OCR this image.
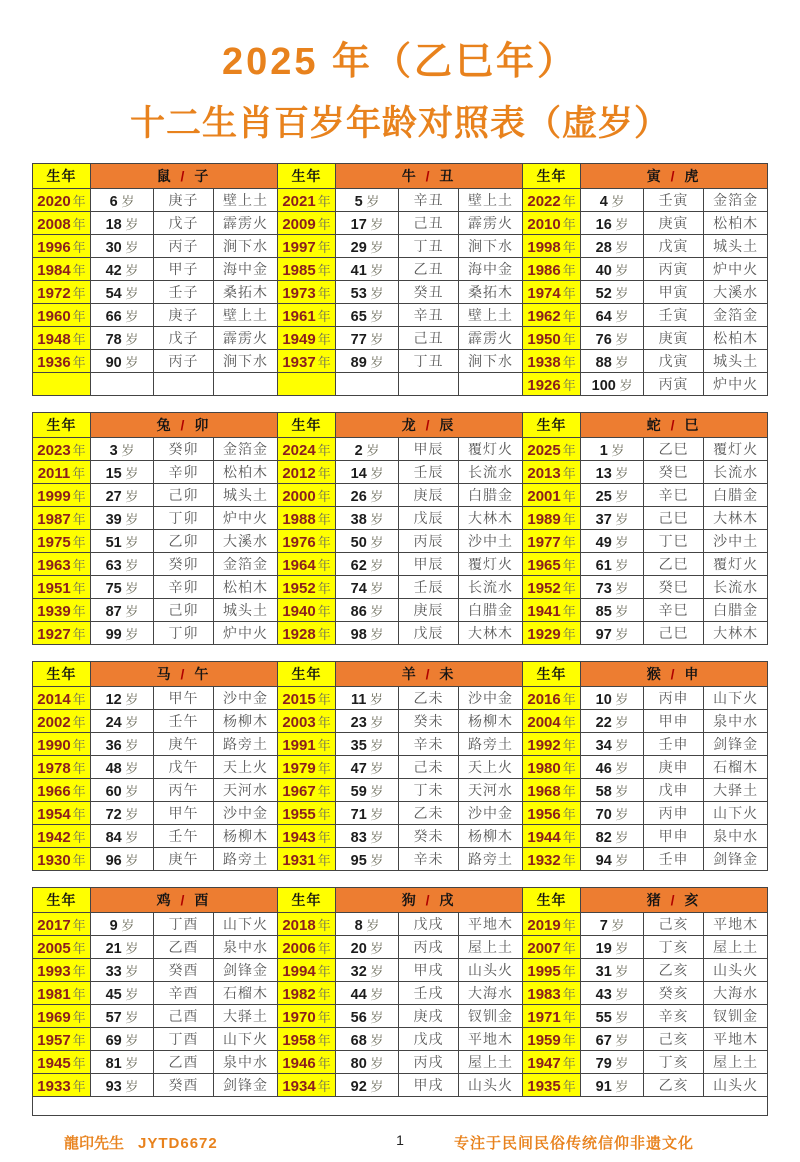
2025 年（乙巳年）
十二生肖百岁年龄对照表（虚岁）
生年	鼠 / 子			生年	牛 / 丑			生年	寅 / 虎		
2020 年	6 岁	庚子	壁上土	2021 年	5 岁	辛丑	壁上土	2022 年	4 岁	壬寅	金箔金
2008 年	18 岁	戊子	霹雳火	2009 年	17 岁	己丑	霹雳火	2010 年	16 岁	庚寅	松柏木
1996 年	30 岁	丙子	涧下水	1997 年	29 岁	丁丑	涧下水	1998 年	28 岁	戊寅	城头土
1984 年	42 岁	甲子	海中金	1985 年	41 岁	乙丑	海中金	1986 年	40 岁	丙寅	炉中火
1972 年	54 岁	壬子	桑拓木	1973 年	53 岁	癸丑	桑拓木	1974 年	52 岁	甲寅	大溪水
1960 年	66 岁	庚子	壁上土	1961 年	65 岁	辛丑	壁上土	1962 年	64 岁	壬寅	金箔金
1948 年	78 岁	戊子	霹雳火	1949 年	77 岁	己丑	霹雳火	1950 年	76 岁	庚寅	松柏木
1936 年	90 岁	丙子	涧下水	1937 年	89 岁	丁丑	涧下水	1938 年	88 岁	戊寅	城头土
								1926 年	100 岁	丙寅	炉中火
生年	兔 / 卯			生年	龙 / 辰			生年	蛇 / 巳		
2023 年	3 岁	癸卯	金箔金	2024 年	2 岁	甲辰	覆灯火	2025 年	1 岁	乙巳	覆灯火
2011 年	15 岁	辛卯	松柏木	2012 年	14 岁	壬辰	长流水	2013 年	13 岁	癸巳	长流水
1999 年	27 岁	己卯	城头土	2000 年	26 岁	庚辰	白腊金	2001 年	25 岁	辛巳	白腊金
1987 年	39 岁	丁卯	炉中火	1988 年	38 岁	戊辰	大林木	1989 年	37 岁	己巳	大林木
1975 年	51 岁	乙卯	大溪水	1976 年	50 岁	丙辰	沙中土	1977 年	49 岁	丁巳	沙中土
1963 年	63 岁	癸卯	金箔金	1964 年	62 岁	甲辰	覆灯火	1965 年	61 岁	乙巳	覆灯火
1951 年	75 岁	辛卯	松柏木	1952 年	74 岁	壬辰	长流水	1952 年	73 岁	癸巳	长流水
1939 年	87 岁	己卯	城头土	1940 年	86 岁	庚辰	白腊金	1941 年	85 岁	辛巳	白腊金
1927 年	99 岁	丁卯	炉中火	1928 年	98 岁	戊辰	大林木	1929 年	97 岁	己巳	大林木
生年	马 / 午			生年	羊 / 未			生年	猴 / 申		
2014 年	12 岁	甲午	沙中金	2015 年	11 岁	乙未	沙中金	2016 年	10 岁	丙申	山下火
2002 年	24 岁	壬午	杨柳木	2003 年	23 岁	癸未	杨柳木	2004 年	22 岁	甲申	泉中水
1990 年	36 岁	庚午	路旁土	1991 年	35 岁	辛未	路旁土	1992 年	34 岁	壬申	剑锋金
1978 年	48 岁	戊午	天上火	1979 年	47 岁	己未	天上火	1980 年	46 岁	庚申	石榴木
1966 年	60 岁	丙午	天河水	1967 年	59 岁	丁未	天河水	1968 年	58 岁	戊申	大驿土
1954 年	72 岁	甲午	沙中金	1955 年	71 岁	乙未	沙中金	1956 年	70 岁	丙申	山下火
1942 年	84 岁	壬午	杨柳木	1943 年	83 岁	癸未	杨柳木	1944 年	82 岁	甲申	泉中水
1930 年	96 岁	庚午	路旁土	1931 年	95 岁	辛未	路旁土	1932 年	94 岁	壬申	剑锋金
生年	鸡 / 酉			生年	狗 / 戌			生年	猪 / 亥		
2017 年	9 岁	丁酉	山下火	2018 年	8 岁	戊戌	平地木	2019 年	7 岁	己亥	平地木
2005 年	21 岁	乙酉	泉中水	2006 年	20 岁	丙戌	屋上土	2007 年	19 岁	丁亥	屋上土
1993 年	33 岁	癸酉	剑锋金	1994 年	32 岁	甲戌	山头火	1995 年	31 岁	乙亥	山头火
1981 年	45 岁	辛酉	石榴木	1982 年	44 岁	壬戌	大海水	1983 年	43 岁	癸亥	大海水
1969 年	57 岁	己酉	大驿土	1970 年	56 岁	庚戌	钗钏金	1971 年	55 岁	辛亥	钗钏金
1957 年	69 岁	丁酉	山下火	1958 年	68 岁	戊戌	平地木	1959 年	67 岁	己亥	平地木
1945 年	81 岁	乙酉	泉中水	1946 年	80 岁	丙戌	屋上土	1947 年	79 岁	丁亥	屋上土
1933 年	93 岁	癸酉	剑锋金	1934 年	92 岁	甲戌	山头火	1935 年	91 岁	乙亥	山头火

龍印先生 JYTD6672	1	专注于民间民俗传统信仰非遗文化
